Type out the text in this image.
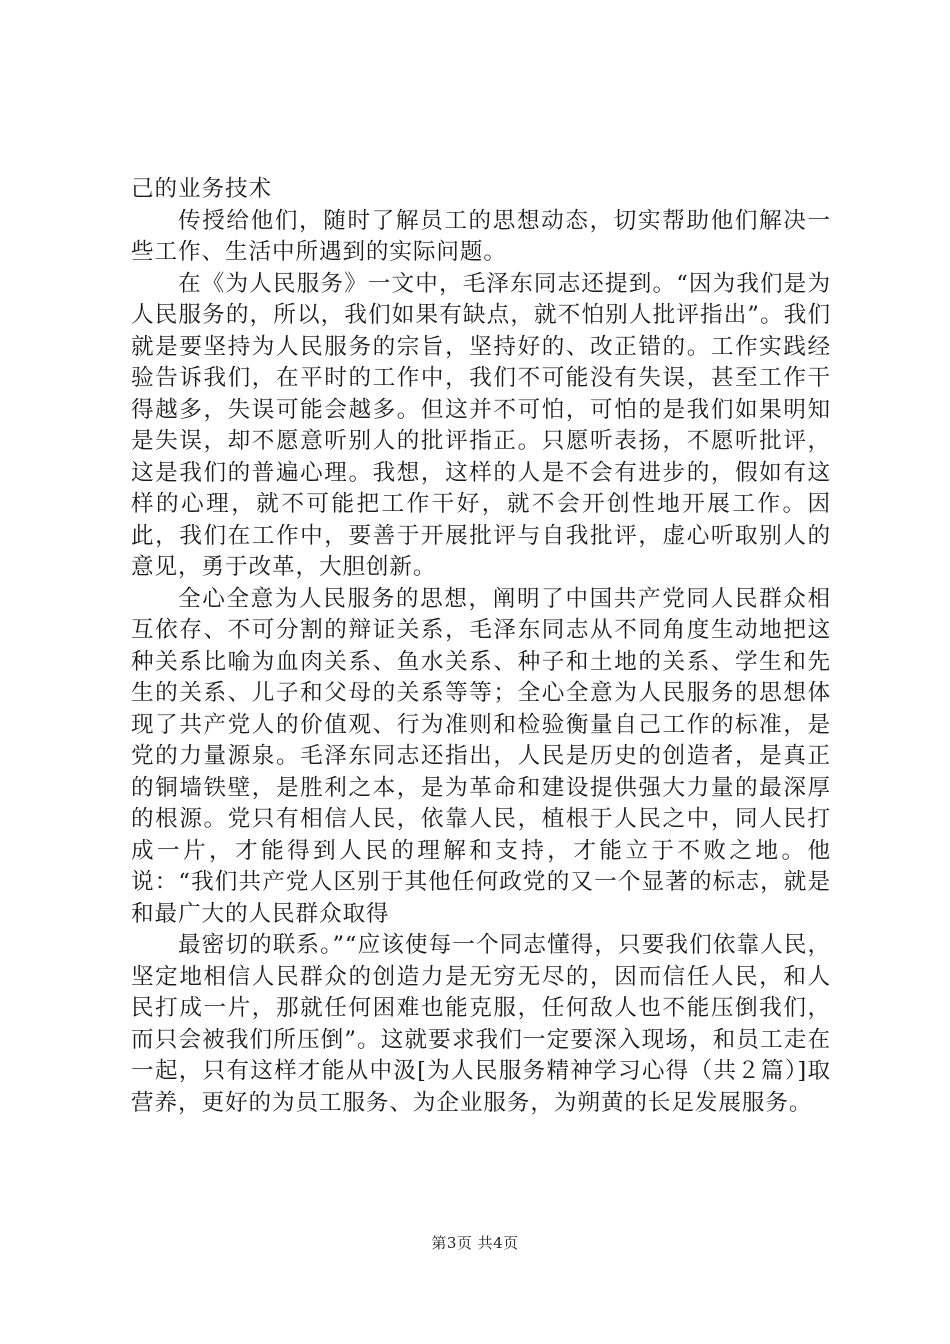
己的业务技术

传授给他们，随时了解员工的思想动态，切实帮助他们解决一些工作、生活中所遇到的实际问题。

在《为人民服务》一文中，毛泽东同志还提到。“因为我们是为人民服务的，所以，我们如果有缺点，就不怕别人批评指出”。我们就是要坚持为人民服务的宗旨，坚持好的、改正错的。工作实践经验告诉我们，在平时的工作中，我们不可能没有失误，甚至工作干得越多，失误可能会越多。但这并不可怕，可怕的是我们如果明知是失误，却不愿意听别人的批评指正。只愿听表扬，不愿听批评，这是我们的普遍心理。我想，这样的人是不会有进步的，假如有这样的心理，就不可能把工作干好，就不会开创性地开展工作。因此，我们在工作中，要善于开展批评与自我批评，虚心听取别人的意见，勇于改革，大胆创新。

全心全意为人民服务的思想，阐明了中国共产党同人民群众相互依存、不可分割的辩证关系，毛泽东同志从不同角度生动地把这种关系比喻为血肉关系、鱼水关系、种子和土地的关系、学生和先生的关系、儿子和父母的关系等等；全心全意为人民服务的思想体现了共产党人的价值观、行为准则和检验衡量自己工作的标准，是党的力量源泉。毛泽东同志还指出，人民是历史的创造者，是真正的铜墙铁壁，是胜利之本，是为革命和建设提供强大力量的最深厚的根源。党只有相信人民，依靠人民，植根于人民之中，同人民打成一片，才能得到人民的理解和支持，才能立于不败之地。他说：“我们共产党人区别于其他任何政党的又一个显著的标志，就是和最广大的人民群众取得

最密切的联系。”“应该使每一个同志懂得，只要我们依靠人民，坚定地相信人民群众的创造力是无穷无尽的，因而信任人民，和人民打成一片，那就任何困难也能克服，任何敌人也不能压倒我们，而只会被我们所压倒”。这就要求我们一定要深入现场，和员工走在一起，只有这样才能从中汲[为人民服务精神学习心得（共２篇）]取营养，更好的为员工服务、为企业服务，为朔黄的长足发展服务。

第3页 共4页
